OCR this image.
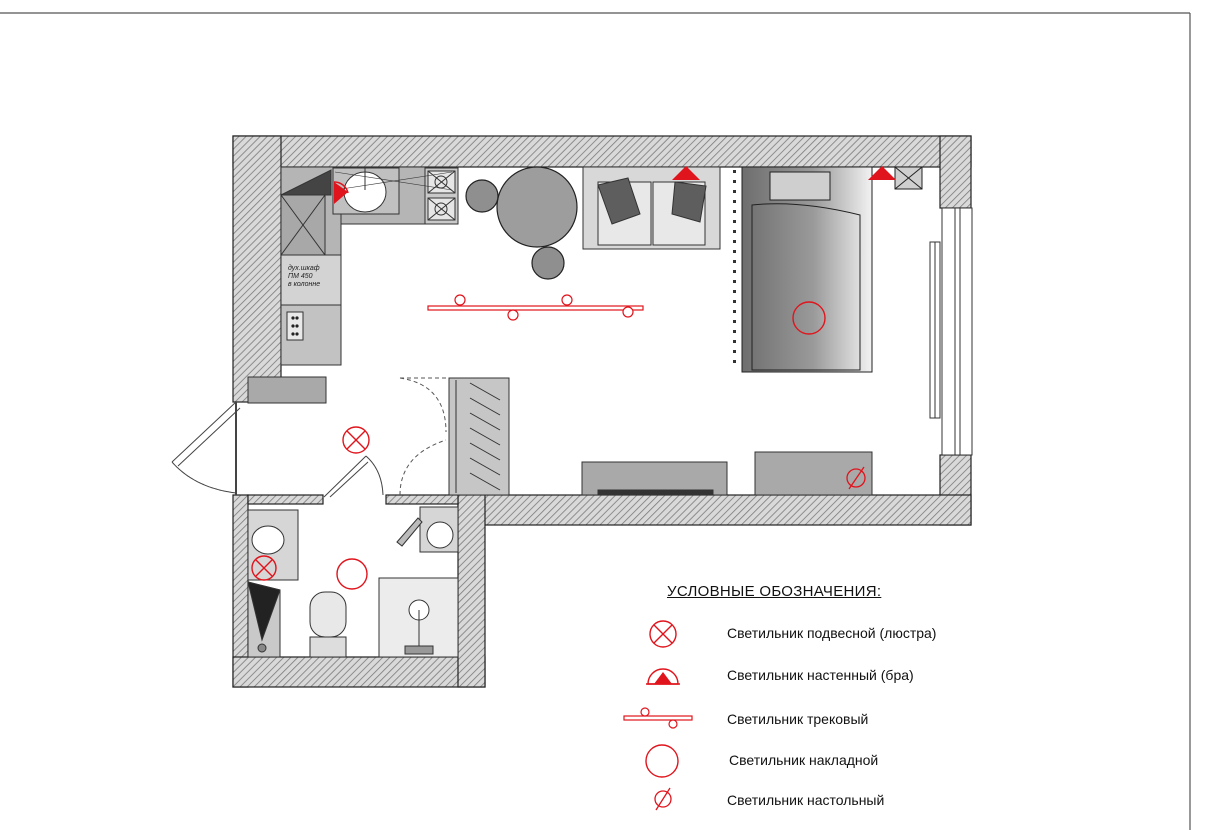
дух.шкаф
ПМ 450
в колонне
УСЛОВНЫЕ ОБОЗНАЧЕНИЯ:
Светильник подвесной (люстра)
Светильник настенный (бра)
Светильник трековый
Светильник накладной
Светильник настольный
